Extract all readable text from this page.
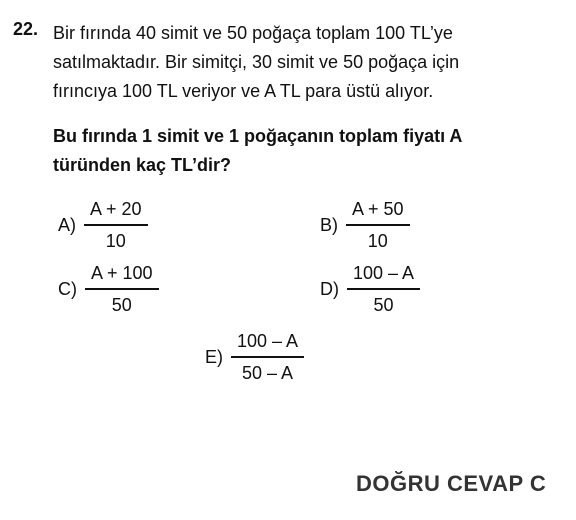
22. Bir fırında 40 simit ve 50 poğaça toplam 100 TL’ye
satılmaktadır. Bir simitçi, 30 simit ve 50 poğaça için
fırıncıya 100 TL veriyor ve A TL para üstü alıyor.

Bu fırında 1 simit ve 1 poğaçanın toplam fiyatı A
türünden kaç TL’dir?

$A) \frac{A + 20}{10}$	$B) \frac{A + 50}{10}$
$C) \frac{A + 100}{50}$	$D) \frac{100 - A}{50}$
$E) \frac{100 - A}{50 - A}$
DOĞRU CEVAP C
